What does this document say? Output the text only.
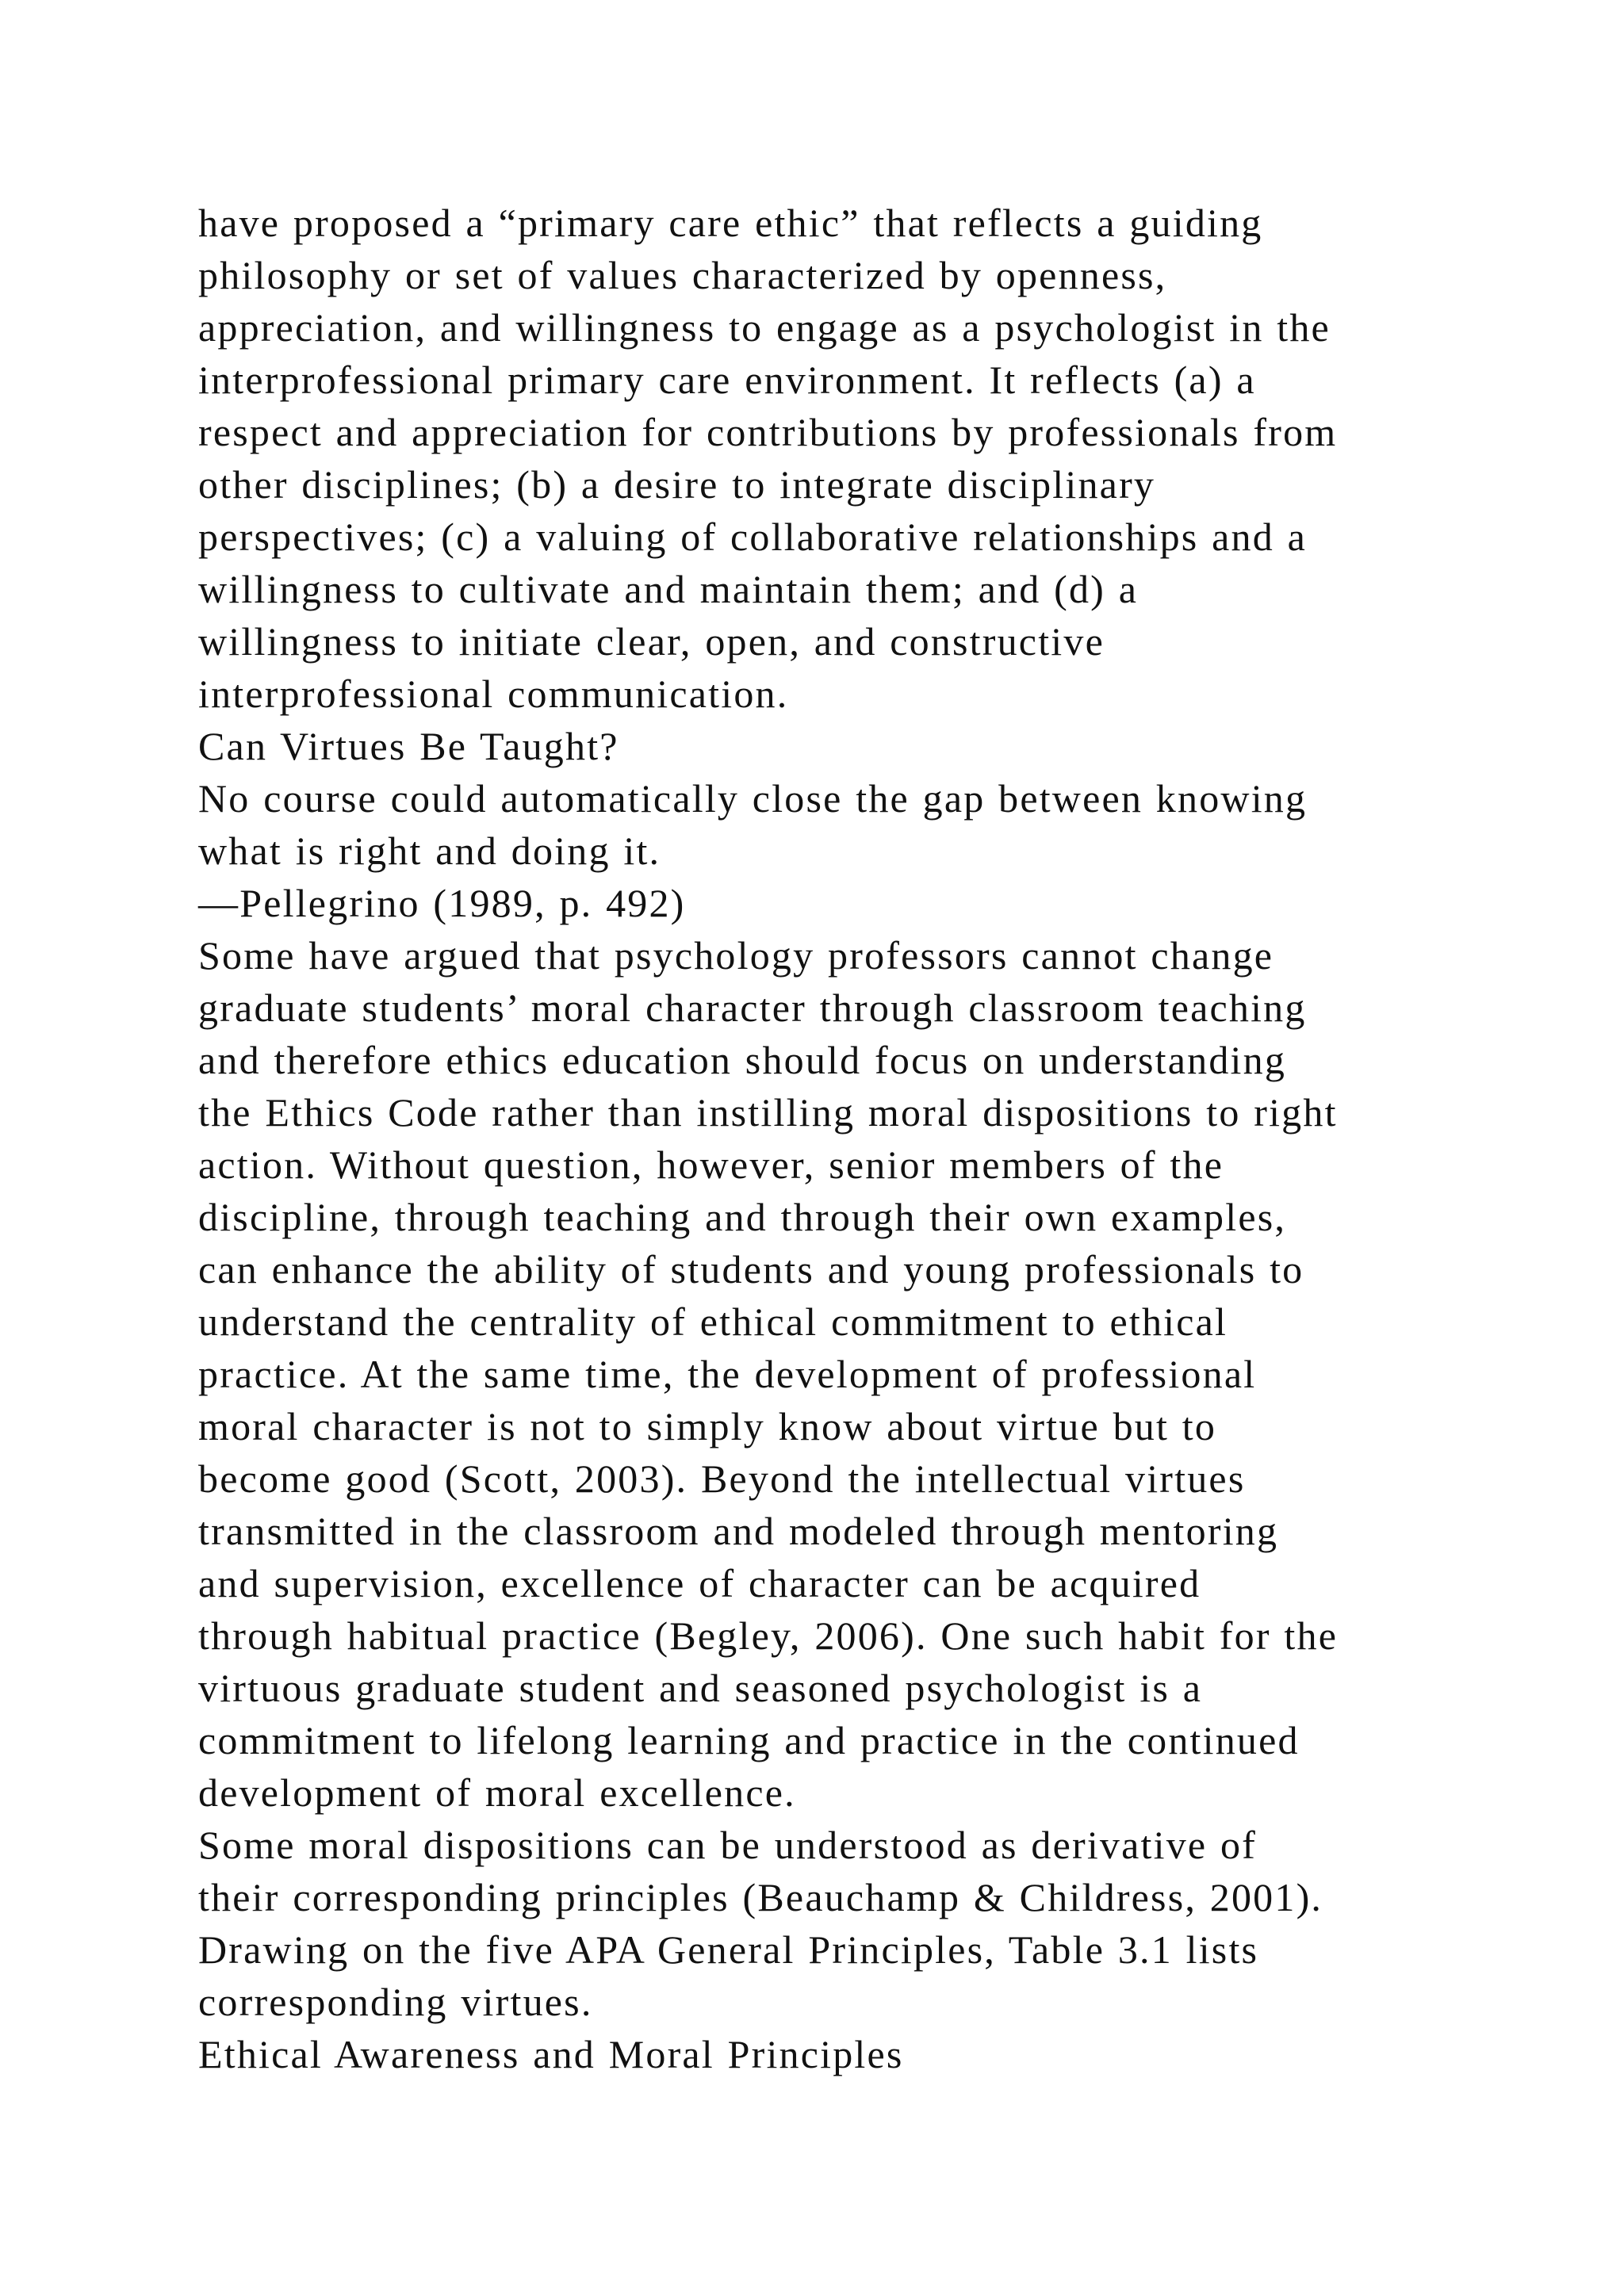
have proposed a “primary care ethic” that reflects a guiding
philosophy or set of values characterized by openness,
appreciation, and willingness to engage as a psychologist in the
interprofessional primary care environment. It reflects (a) a
respect and appreciation for contributions by professionals from
other disciplines; (b) a desire to integrate disciplinary
perspectives; (c) a valuing of collaborative relationships and a
willingness to cultivate and maintain them; and (d) a
willingness to initiate clear, open, and constructive
interprofessional communication.
Can Virtues Be Taught?
No course could automatically close the gap between knowing
what is right and doing it.
—Pellegrino (1989, p. 492)
Some have argued that psychology professors cannot change
graduate students’ moral character through classroom teaching
and therefore ethics education should focus on understanding
the Ethics Code rather than instilling moral dispositions to right
action. Without question, however, senior members of the
discipline, through teaching and through their own examples,
can enhance the ability of students and young professionals to
understand the centrality of ethical commitment to ethical
practice. At the same time, the development of professional
moral character is not to simply know about virtue but to
become good (Scott, 2003). Beyond the intellectual virtues
transmitted in the classroom and modeled through mentoring
and supervision, excellence of character can be acquired
through habitual practice (Begley, 2006). One such habit for the
virtuous graduate student and seasoned psychologist is a
commitment to lifelong learning and practice in the continued
development of moral excellence.
Some moral dispositions can be understood as derivative of
their corresponding principles (Beauchamp & Childress, 2001).
Drawing on the five APA General Principles, Table 3.1 lists
corresponding virtues.
Ethical Awareness and Moral Principles
